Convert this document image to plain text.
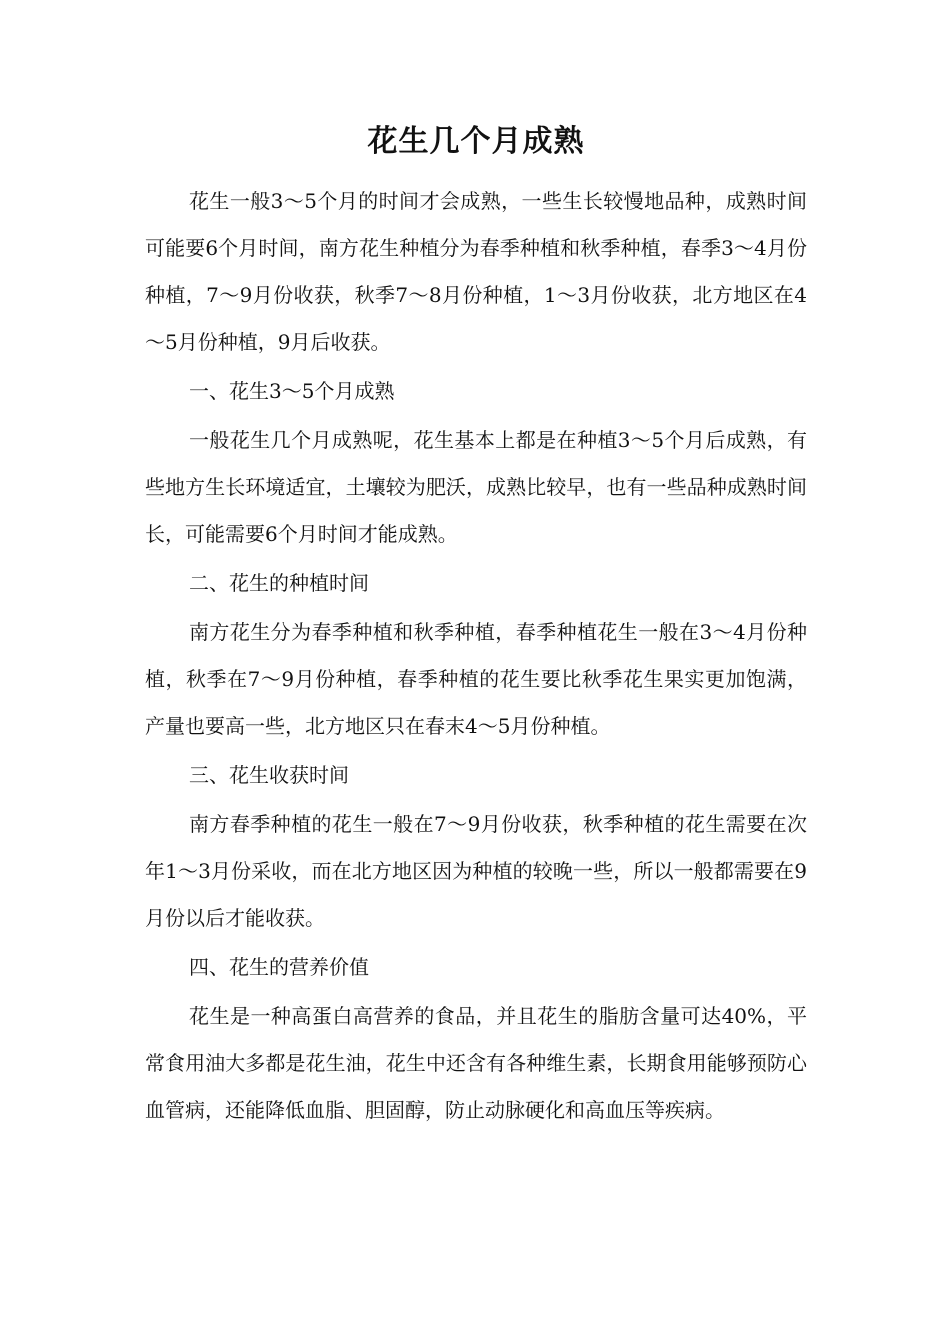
花生几个月成熟

花生一般3～5个月的时间才会成熟，一些生长较慢地品种，成熟时间可能要6个月时间，南方花生种植分为春季种植和秋季种植，春季3～4月份种植，7～9月份收获，秋季7～8月份种植，1～3月份收获，北方地区在4～5月份种植，9月后收获。

一、花生3～5个月成熟

一般花生几个月成熟呢，花生基本上都是在种植3～5个月后成熟，有些地方生长环境适宜，土壤较为肥沃，成熟比较早，也有一些品种成熟时间长，可能需要6个月时间才能成熟。

二、花生的种植时间

南方花生分为春季种植和秋季种植，春季种植花生一般在3～4月份种植，秋季在7～9月份种植，春季种植的花生要比秋季花生果实更加饱满，产量也要高一些，北方地区只在春末4～5月份种植。

三、花生收获时间

南方春季种植的花生一般在7～9月份收获，秋季种植的花生需要在次年1～3月份采收，而在北方地区因为种植的较晚一些，所以一般都需要在9月份以后才能收获。

四、花生的营养价值

花生是一种高蛋白高营养的食品，并且花生的脂肪含量可达40%，平常食用油大多都是花生油，花生中还含有各种维生素，长期食用能够预防心血管病，还能降低血脂、胆固醇，防止动脉硬化和高血压等疾病。
